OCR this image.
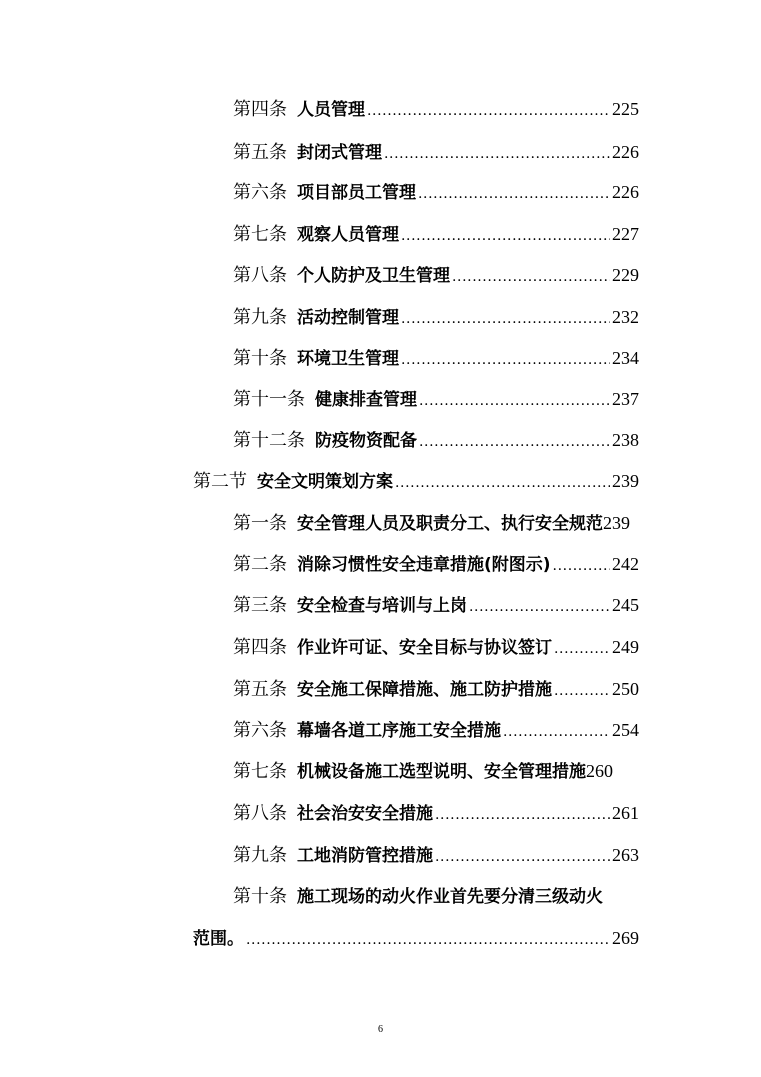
第四条 人员管理 .....	225
第五条 封闭式管理 .....	226
第六条 项目部员工管理 .....	226
第七条 观察人员管理 .....	227
第八条 个人防护及卫生管理 .....	229
第九条 活动控制管理 .....	232
第十条 环境卫生管理 .....	234
第十一条 健康排查管理 .....	237
第十二条 防疫物资配备 .....	238
第二节 安全文明策划方案 .....	239
第一条 安全管理人员及职责分工、执行安全规范 239
第二条 消除习惯性安全违章措施(附图示) .....	242
第三条 安全检查与培训与上岗 .....	245
第四条 作业许可证、安全目标与协议签订 .....	249
第五条 安全施工保障措施、施工防护措施 .....	250
第六条 幕墙各道工序施工安全措施 .....	254
第七条 机械设备施工选型说明、安全管理措施 260
第八条 社会治安安全措施 .....	261
第九条 工地消防管控措施 .....	263
第十条 施工现场的动火作业首先要分清三级动火
范围。 .....	269
6
